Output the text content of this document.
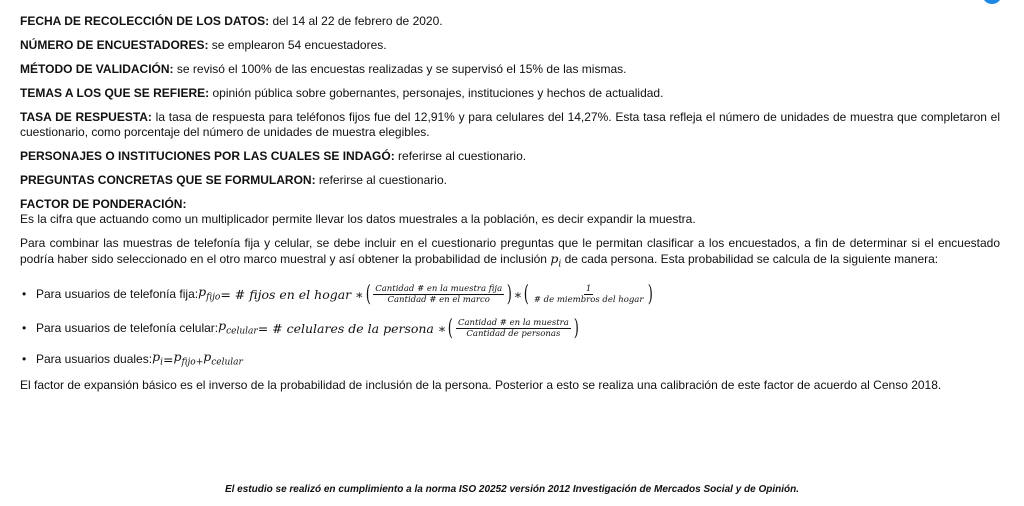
FECHA DE RECOLECCIÓN DE LOS DATOS: del 14 al 22 de febrero de 2020.

NÚMERO DE ENCUESTADORES: se emplearon 54 encuestadores.

MÉTODO DE VALIDACIÓN: se revisó el 100% de las encuestas realizadas y se supervisó el 15% de las mismas.

TEMAS A LOS QUE SE REFIERE: opinión pública sobre gobernantes, personajes, instituciones y hechos de actualidad.

TASA DE RESPUESTA: la tasa de respuesta para teléfonos fijos fue del 12,91% y para celulares del 14,27%. Esta tasa refleja el número de unidades de muestra que completaron el cuestionario, como porcentaje del número de unidades de muestra elegibles.

PERSONAJES O INSTITUCIONES POR LAS CUALES SE INDAGÓ: referirse al cuestionario.

PREGUNTAS CONCRETAS QUE SE FORMULARON: referirse al cuestionario.

FACTOR DE PONDERACIÓN:
Es la cifra que actuando como un multiplicador permite llevar los datos muestrales a la población, es decir expandir la muestra.

Para combinar las muestras de telefonía fija y celular, se debe incluir en el cuestionario preguntas que le permitan clasificar a los encuestados, a fin de determinar si el encuestado podría haber sido seleccionado en el otro marco muestral y así obtener la probabilidad de inclusión $p_i$ de cada persona. Esta probabilidad se calcula de la siguiente manera:

• Para usuarios de telefonía fija: $p_{fijo}$ = # fijos en el hogar ∗ ( $\frac{\text{Cantidad \# en la muestra fija}}{\text{Cantidad \# en el marco}}$ ) ∗ ( $\frac{1}{\text{\# de miembros del hogar}}$ )
• Para usuarios de telefonía celular: $p_{celular}$ = # celulares de la persona ∗ ( $\frac{\text{Cantidad \# en la muestra}}{\text{Cantidad de personas}}$ )
• Para usuarios duales: $p_i = p_{fijo+}$ $p_{celular}$

El factor de expansión básico es el inverso de la probabilidad de inclusión de la persona. Posterior a esto se realiza una calibración de este factor de acuerdo al Censo 2018.

El estudio se realizó en cumplimiento a la norma ISO 20252 versión 2012 Investigación de Mercados Social y de Opinión.
